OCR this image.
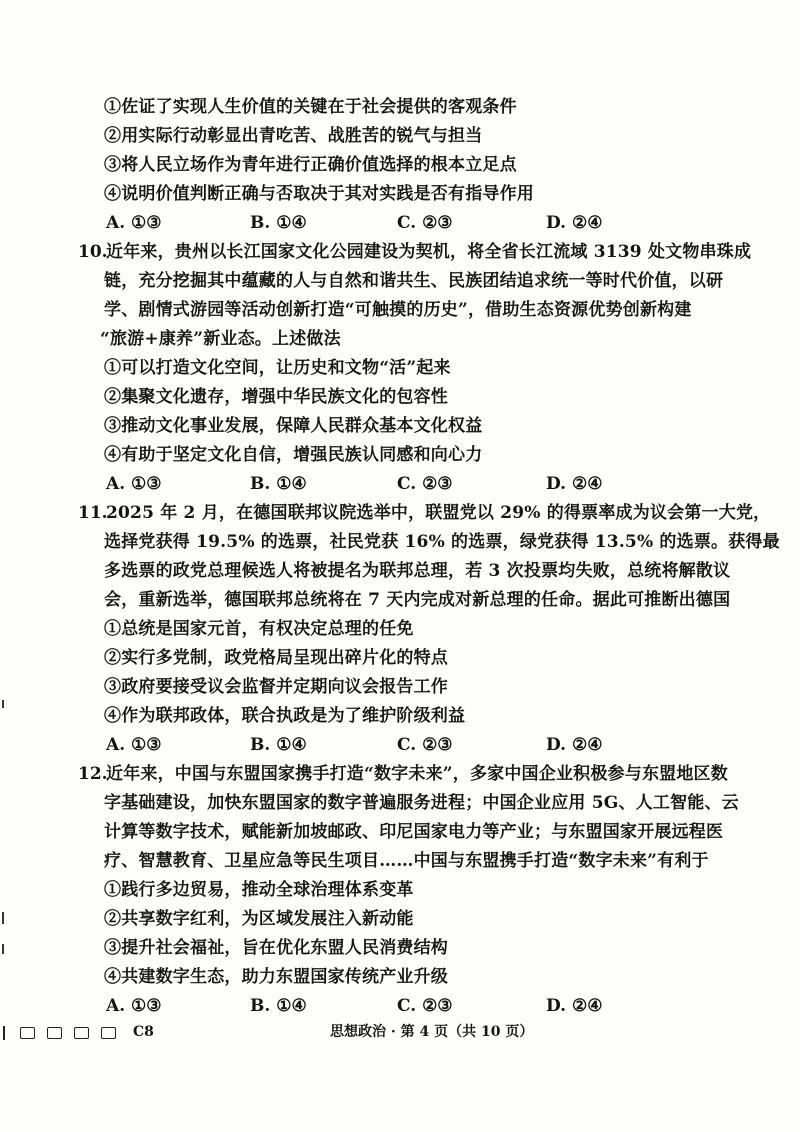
①佐证了实现人生价值的关键在于社会提供的客观条件
②用实际行动彰显出青吃苦、战胜苦的锐气与担当
③将人民立场作为青年进行正确价值选择的根本立足点
④说明价值判断正确与否取决于其对实践是否有指导作用
A. ①③	B. ①④	C. ②③	D. ②④
10.
近年来，贵州以长江国家文化公园建设为契机，将全省长江流域 3139 处文物串珠成
链，充分挖掘其中蕴藏的人与自然和谐共生、民族团结追求统一等时代价值，以研
学、剧情式游园等活动创新打造“可触摸的历史”，借助生态资源优势创新构建
“旅游+康养”新业态。上述做法
①可以打造文化空间，让历史和文物“活”起来
②集聚文化遗存，增强中华民族文化的包容性
③推动文化事业发展，保障人民群众基本文化权益
④有助于坚定文化自信，增强民族认同感和向心力
A. ①③	B. ①④	C. ②③	D. ②④
11.
2025 年 2 月，在德国联邦议院选举中，联盟党以 29% 的得票率成为议会第一大党，
选择党获得 19.5% 的选票，社民党获 16% 的选票，绿党获得 13.5% 的选票。获得最
多选票的政党总理候选人将被提名为联邦总理，若 3 次投票均失败，总统将解散议
会，重新选举，德国联邦总统将在 7 天内完成对新总理的任命。据此可推断出德国
①总统是国家元首，有权决定总理的任免
②实行多党制，政党格局呈现出碎片化的特点
③政府要接受议会监督并定期向议会报告工作
④作为联邦政体，联合执政是为了维护阶级利益
A. ①③	B. ①④	C. ②③	D. ②④
12.
近年来，中国与东盟国家携手打造“数字未来”，多家中国企业积极参与东盟地区数
字基础建设，加快东盟国家的数字普遍服务进程；中国企业应用 5G、人工智能、云
计算等数字技术，赋能新加坡邮政、印尼国家电力等产业；与东盟国家开展远程医
疗、智慧教育、卫星应急等民生项目……中国与东盟携手打造“数字未来”有利于
①践行多边贸易，推动全球治理体系变革
②共享数字红利，为区域发展注入新动能
③提升社会福祉，旨在优化东盟人民消费结构
④共建数字生态，助力东盟国家传统产业升级
A. ①③	B. ①④	C. ②③	D. ②④
C8	思想政治 · 第 4 页（共 10 页）
